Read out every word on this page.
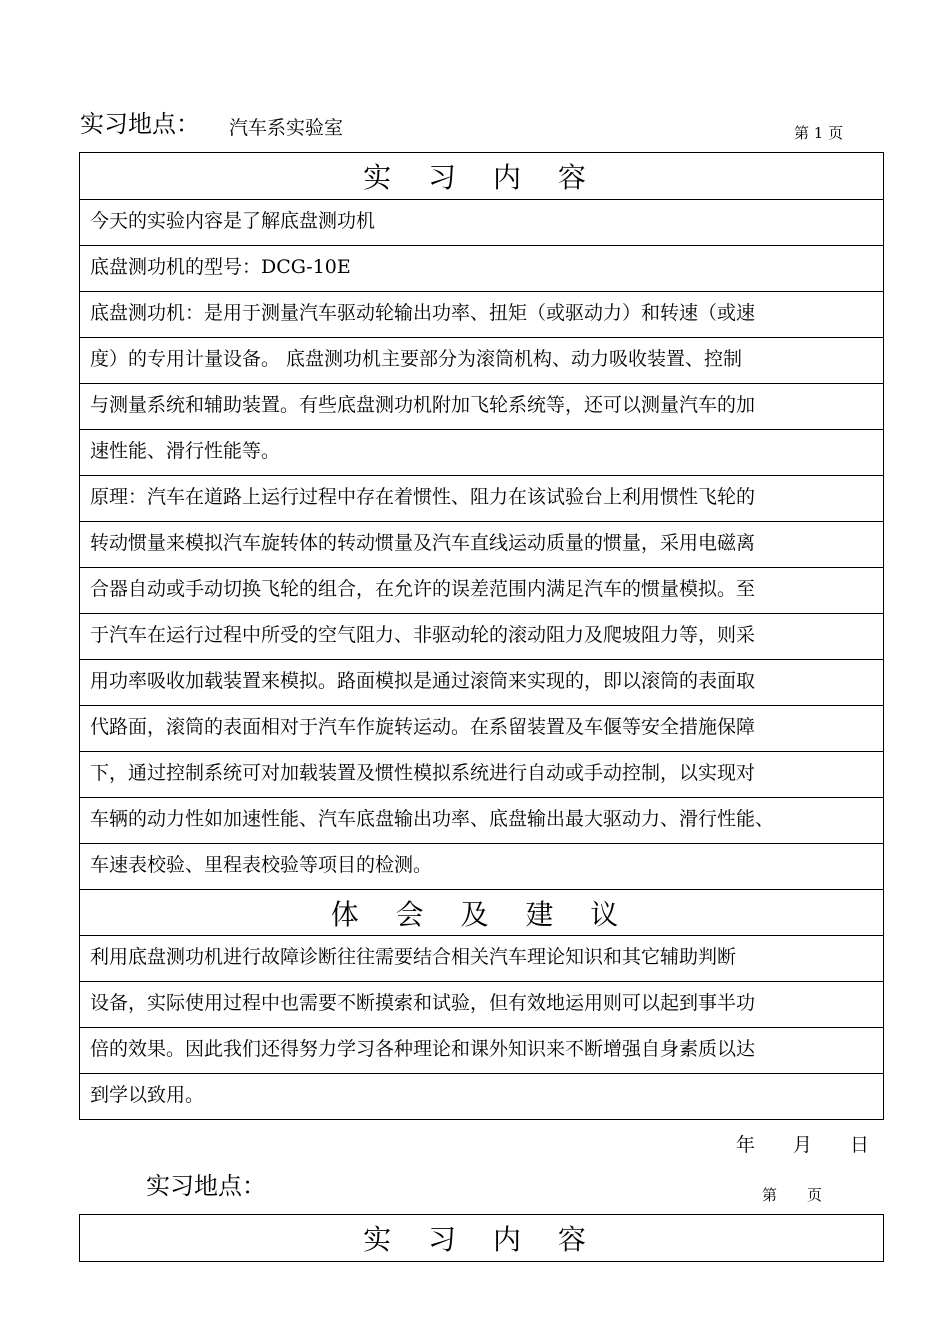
实习地点： 汽车系实验室	第 1 页
实 习 内 容
今天的实验内容是了解底盘测功机
底盘测功机的型号：DCG-10E
底盘测功机：是用于测量汽车驱动轮输出功率、扭矩（或驱动力）和转速（或速
度）的专用计量设备。 底盘测功机主要部分为滚筒机构、动力吸收装置、控制
与测量系统和辅助装置。有些底盘测功机附加飞轮系统等，还可以测量汽车的加
速性能、滑行性能等。
原理：汽车在道路上运行过程中存在着惯性、阻力在该试验台上利用惯性飞轮的
转动惯量来模拟汽车旋转体的转动惯量及汽车直线运动质量的惯量，采用电磁离
合器自动或手动切换飞轮的组合，在允许的误差范围内满足汽车的惯量模拟。至
于汽车在运行过程中所受的空气阻力、非驱动轮的滚动阻力及爬坡阻力等，则采
用功率吸收加载装置来模拟。路面模拟是通过滚筒来实现的，即以滚筒的表面取
代路面，滚筒的表面相对于汽车作旋转运动。在系留装置及车偃等安全措施保障
下，通过控制系统可对加载装置及惯性模拟系统进行自动或手动控制，以实现对
车辆的动力性如加速性能、汽车底盘输出功率、底盘输出最大驱动力、滑行性能、
车速表校验、里程表校验等项目的检测。
体 会 及 建 议
利用底盘测功机进行故障诊断往往需要结合相关汽车理论知识和其它辅助判断
设备，实际使用过程中也需要不断摸索和试验，但有效地运用则可以起到事半功
倍的效果。因此我们还得努力学习各种理论和课外知识来不断增强自身素质以达
到学以致用。
年　　月　　日
实习地点：	第　　页
实 习 内 容
